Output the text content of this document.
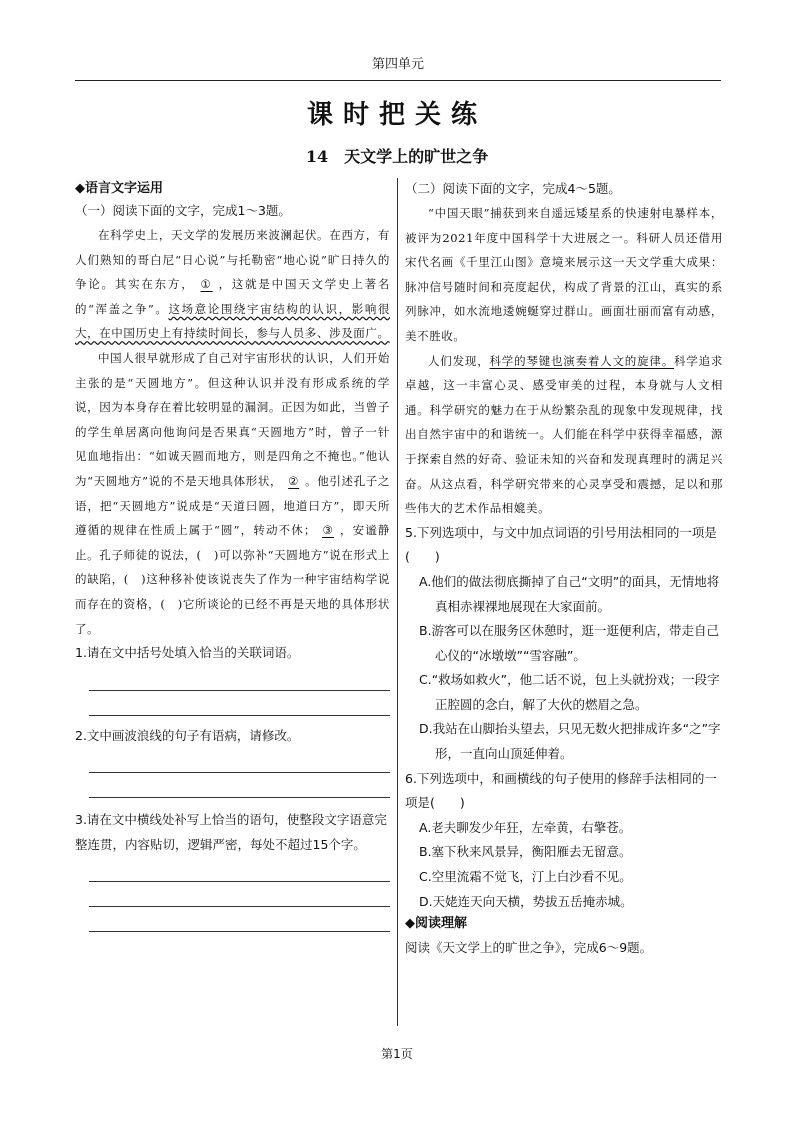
第四单元
课时把关练
14　天文学上的旷世之争
◆语言文字运用
（一）阅读下面的文字，完成1～3题。

在科学史上，天文学的发展历来波澜起伏。在西方，有人们熟知的哥白尼“日心说”与托勒密“地心说”旷日持久的争论。其实在东方， ① ，这就是中国天文学史上著名的“浑盖之争”。这场意论围绕宇宙结构的认识，影响很大，在中国历史上有持续时间长，参与人员多、涉及面广。

中国人很早就形成了自己对宇宙形状的认识，人们开始主张的是“天圆地方”。但这种认识并没有形成系统的学说，因为本身存在着比较明显的漏洞。正因为如此，当曾子的学生单居离向他询问是否果真“天圆地方”时，曾子一针见血地指出：“如诚天圆而地方，则是四角之不掩也。”他认为“天圆地方”说的不是天地具体形状， ② 。他引述孔子之语，把“天圆地方”说成是“天道曰圆，地道曰方”，即天所遵循的规律在性质上属于“圆”，转动不休； ③ ，安谧静止。孔子师徒的说法，(　)可以弥补“天圆地方”说在形式上的缺陷，(　)这种移补使该说丧失了作为一种宇宙结构学说而存在的资格，(　)它所谈论的已经不再是天地的具体形状了。

1.请在文中括号处填入恰当的关联词语。

2.文中画波浪线的句子有语病，请修改。

3.请在文中横线处补写上恰当的语句，使整段文字语意完整连贯，内容贴切，逻辑严密，每处不超过15个字。

（二）阅读下面的文字，完成4～5题。

“中国天眼”捕获到来自遥远矮星系的快速射电暴样本，被评为2021年度中国科学十大进展之一。科研人员还借用宋代名画《千里江山图》意境来展示这一天文学重大成果：脉冲信号随时间和亮度起伏，构成了背景的江山，真实的系列脉冲，如水流地逶婉蜒穿过群山。画面壮丽而富有动感，美不胜收。

人们发现，科学的琴键也演奏着人文的旋律。科学追求卓越，这一丰富心灵、感受审美的过程，本身就与人文相通。科学研究的魅力在于从纷繁杂乱的现象中发现规律，找出自然宇宙中的和谐统一。人们能在科学中获得幸福感，源于探索自然的好奇、验证未知的兴奋和发现真理时的满足兴奋。从这点看，科学研究带来的心灵享受和震撼，足以和那些伟大的艺术作品相媲美。

5.下列选项中，与文中加点词语的引号用法相同的一项是(　　)

A.他们的做法彻底撕掉了自己“文明”的面具，无情地将真相赤裸裸地展现在大家面前。

B.游客可以在服务区休憩时，逛一逛便利店，带走自己心仪的“冰墩墩”“雪容融”。

C.“救场如救火”，他二话不说，包上头就扮戏；一段字正腔圆的念白，解了大伙的燃眉之急。

D.我站在山脚抬头望去，只见无数火把排成许多“之”字形，一直向山顶延伸着。

6.下列选项中，和画横线的句子使用的修辞手法相同的一项是(　　)

A.老夫聊发少年狂，左牵黄，右擎苍。

B.塞下秋来风景异，衡阳雁去无留意。

C.空里流霜不觉飞，汀上白沙看不见。

D.天姥连天向天横，势拔五岳掩赤城。

◆阅读理解

阅读《天文学上的旷世之争》，完成6～9题。

第1页
